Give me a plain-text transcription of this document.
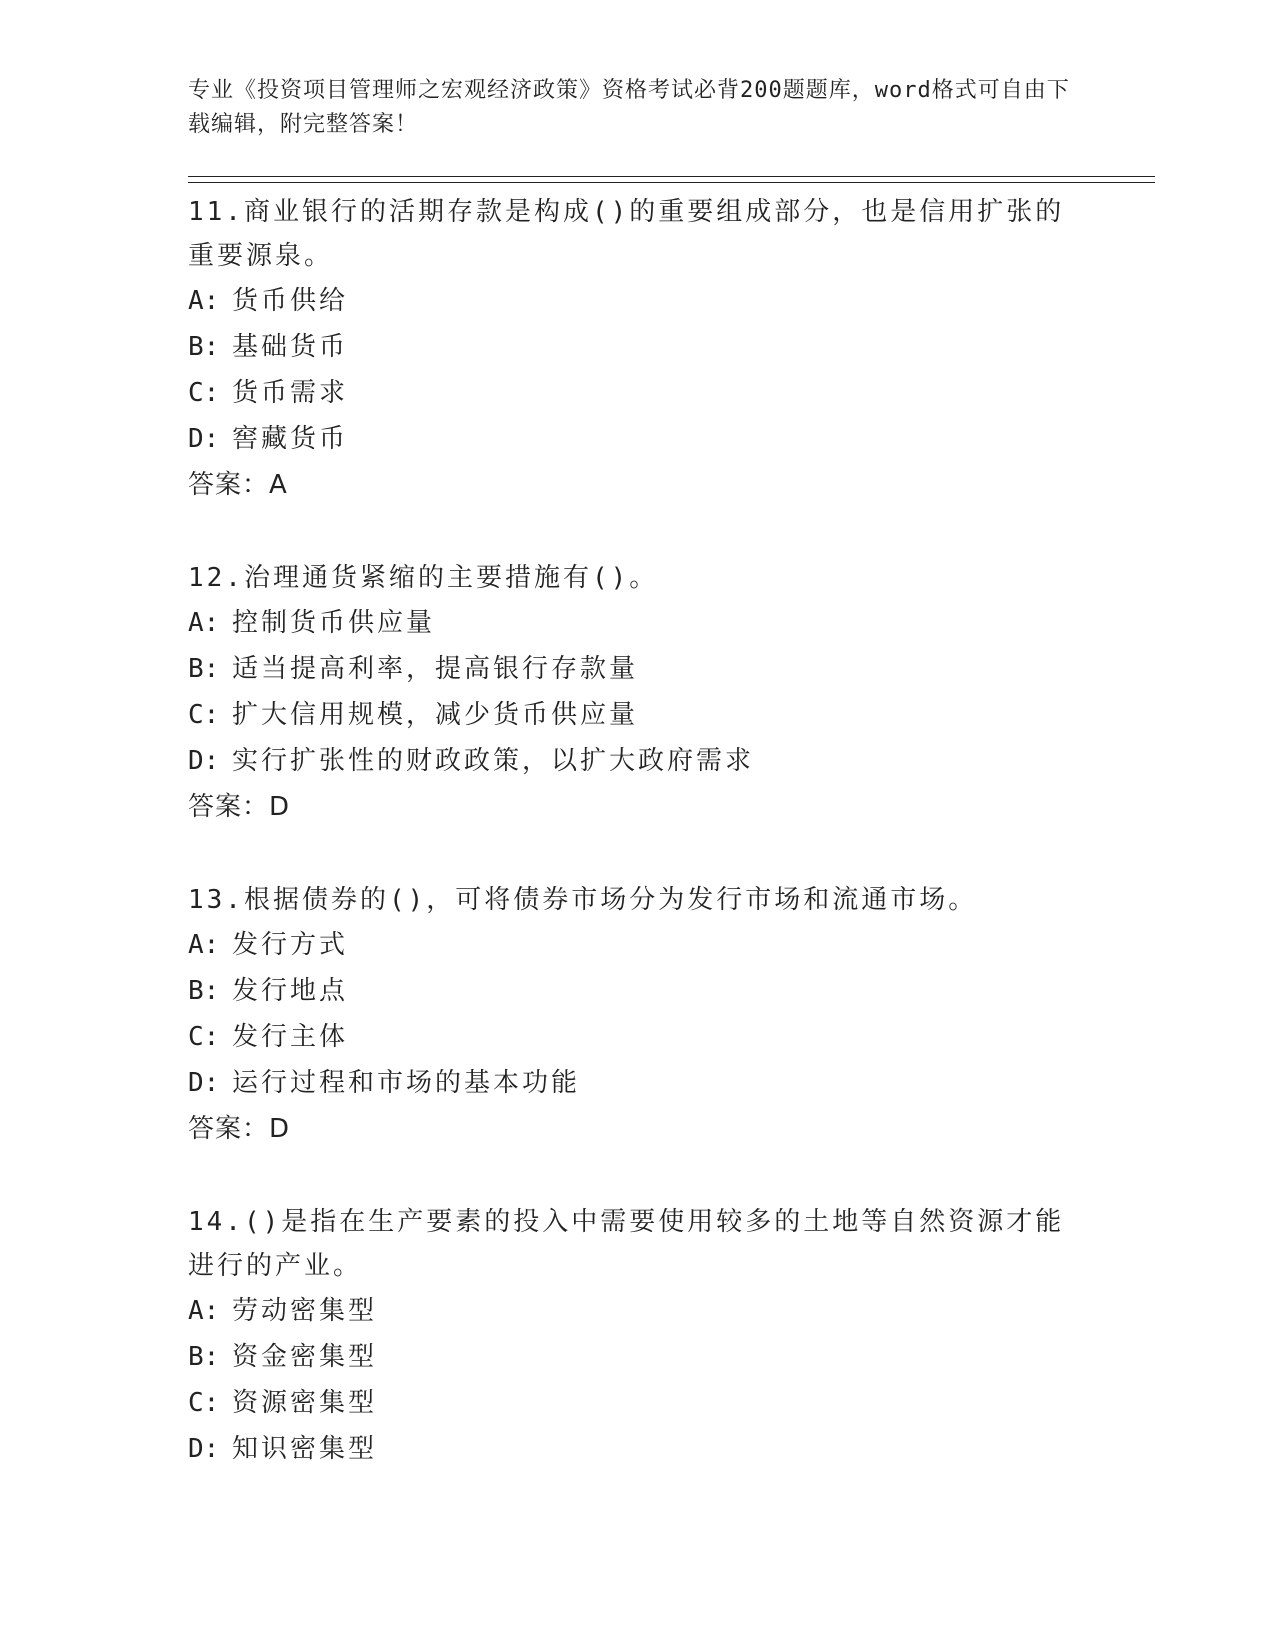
专业《投资项目管理师之宏观经济政策》资格考试必背200题题库，word格式可自由下载编辑，附完整答案！

11.商业银行的活期存款是构成()的重要组成部分，也是信用扩张的重要源泉。

A: 货币供给

B: 基础货币

C: 货币需求

D: 窖藏货币

答案：A

12.治理通货紧缩的主要措施有()。

A: 控制货币供应量

B: 适当提高利率，提高银行存款量

C: 扩大信用规模，减少货币供应量

D: 实行扩张性的财政政策，以扩大政府需求

答案：D

13.根据债券的()，可将债券市场分为发行市场和流通市场。

A: 发行方式

B: 发行地点

C: 发行主体

D: 运行过程和市场的基本功能

答案：D

14.()是指在生产要素的投入中需要使用较多的土地等自然资源才能进行的产业。

A: 劳动密集型

B: 资金密集型

C: 资源密集型

D: 知识密集型
